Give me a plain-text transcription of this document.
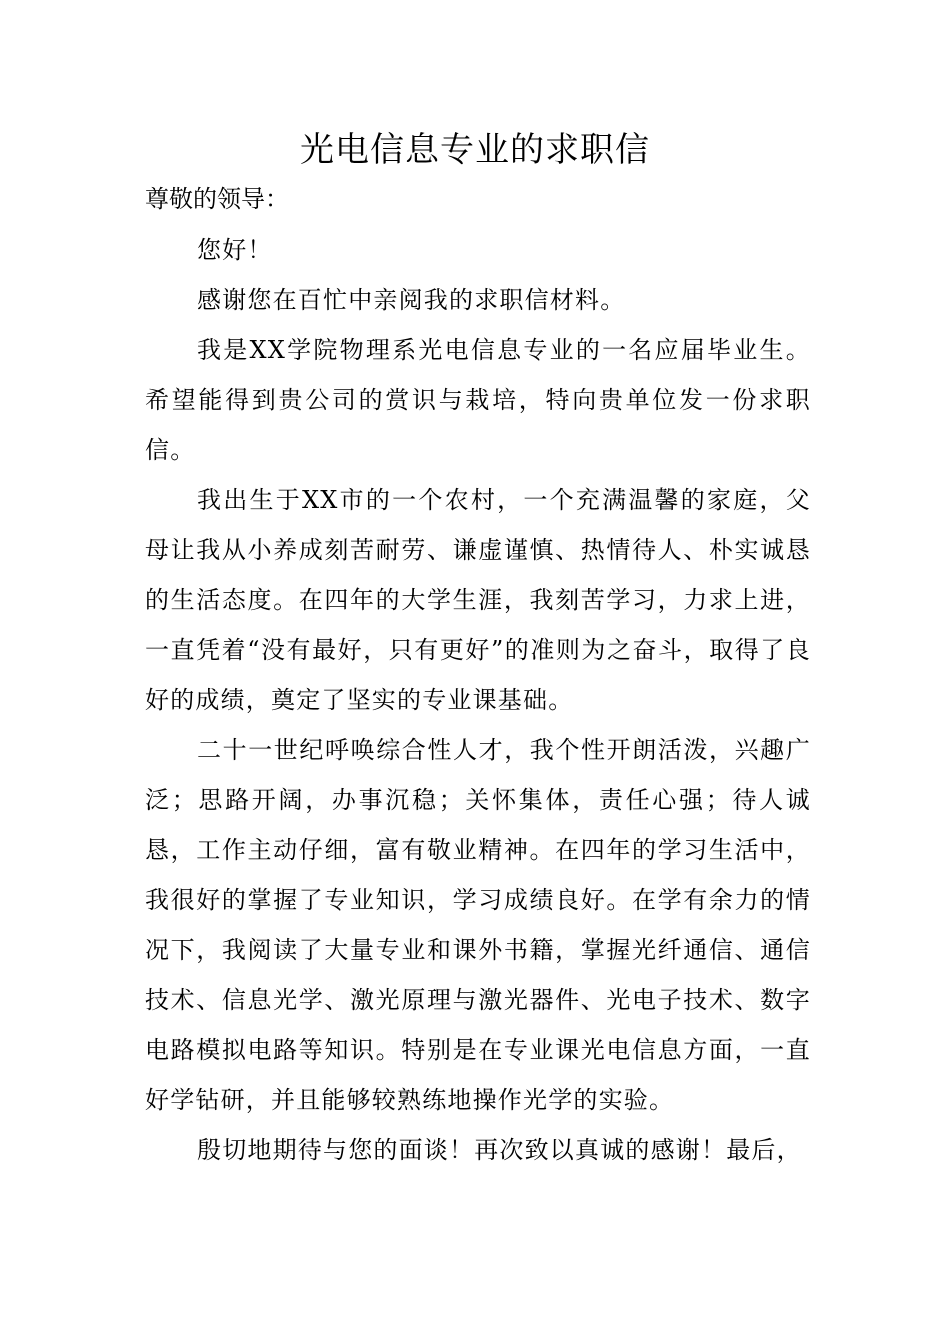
光电信息专业的求职信

尊敬的领导：

您好！

感谢您在百忙中亲阅我的求职信材料。

我是XX学院物理系光电信息专业的一名应届毕业生。希望能得到贵公司的赏识与栽培，特向贵单位发一份求职信。

我出生于XX市的一个农村，一个充满温馨的家庭，父母让我从小养成刻苦耐劳、谦虚谨慎、热情待人、朴实诚恳的生活态度。在四年的大学生涯，我刻苦学习，力求上进，一直凭着“没有最好，只有更好”的准则为之奋斗，取得了良好的成绩，奠定了坚实的专业课基础。

二十一世纪呼唤综合性人才，我个性开朗活泼，兴趣广泛；思路开阔，办事沉稳；关怀集体，责任心强；待人诚恳，工作主动仔细，富有敬业精神。在四年的学习生活中，我很好的掌握了专业知识，学习成绩良好。在学有余力的情况下，我阅读了大量专业和课外书籍，掌握光纤通信、通信技术、信息光学、激光原理与激光器件、光电子技术、数字电路模拟电路等知识。特别是在专业课光电信息方面，一直好学钻研，并且能够较熟练地操作光学的实验。

殷切地期待与您的面谈！再次致以真诚的感谢！最后，
